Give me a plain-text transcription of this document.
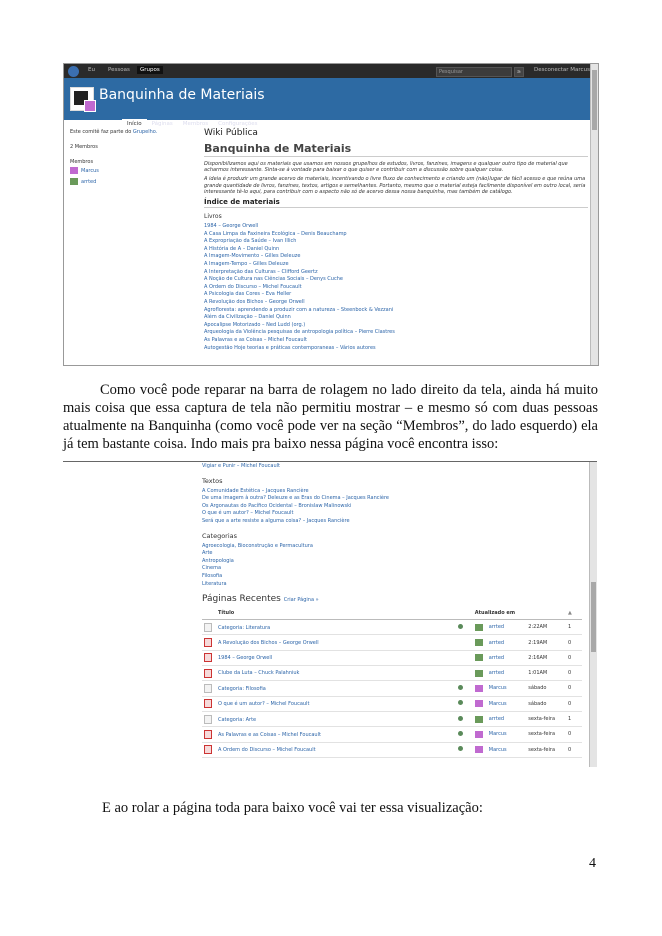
Eu Pessoas	Grupos	Pesquisar	≥	Desconectar Marcus
Banquinha de Materiais
Início Páginas Membros Configurações
Este comitê faz parte do Grupelho.
2 Membros
Membros
Marcus
arrted
Wiki Pública
Banquinha de Materiais
Disponibilizamos aqui os materiais que usamos em nossos grupelhos de estudos, livros, fanzines, imagens e qualquer outro tipo de material que acharmos interessante. Sinta-se à vontade para baixar o que quiser e contribuir com a discussão sobre qualquer coisa.
A ideia é produzir um grande acervo de materiais, incentivando o livre fluxo de conhecimento e criando um (não)lugar de fácil acesso e que reúna uma grande quantidade de livros, fanzines, textos, artigos e semelhantes. Portanto, mesmo que o material esteja facilmente disponível em outro local, seria interessante tê-lo aqui, para contribuir com o aspecto não só de acervo dessa nossa banquinha, mas também de catálogo.
Índice de materiais
Livros
1984 – George Orwell
A Casa Limpa da Faxineira Ecológica – Denis Beauchamp
A Expropriação da Saúde – Ivan Illich
A História de A – Daniel Quinn
A Imagem-Movimento – Gilles Deleuze
A Imagem-Tempo – Gilles Deleuze
A Interpretação das Culturas – Clifford Geertz
A Noção de Cultura nas Ciências Sociais – Denys Cuche
A Ordem do Discurso – Michel Foucault
A Psicologia das Cores – Eva Heller
A Revolução dos Bichos – George Orwell
Agrofloresta: aprendendo a produzir com a natureza – Steenbock & Vezzani
Além da Civilização – Daniel Quinn
Apocalipse Motorizado – Ned Ludd (org.)
Arqueologia da Violência pesquisas de antropologia política – Pierre Clastres
As Palavras e as Coisas – Michel Foucault
Autogestão Hoje teorias e práticas contemporaneas – Vários autores

Como você pode reparar na barra de rolagem no lado direito da tela, ainda há muito mais coisa que essa captura de tela não permitiu mostrar – e mesmo só com duas pessoas atualmente na Banquinha (como você pode ver na seção “Membros”, do lado esquerdo) ela já tem bastante coisa. Indo mais pra baixo nessa página você encontra isso:

Vigiar e Punir – Michel Foucault
Textos
A Comunidade Estética – Jacques Rancière
De uma imagem à outra? Deleuze e as Eras do Cinema – Jacques Rancière
Os Argonautas do Pacífico Ocidental – Bronislaw Malinowski
O que é um autor? – Michel Foucault
Será que a arte resiste a alguma coisa? – Jacques Rancière
Categorias
Agroecologia, Bioconstrução e Permacultura
Arte
Antropologia
Cinema
Filosofia
Literatura
Páginas Recentes Criar Página »
	Título	Atualizado em			▲
	Categoria: Literatura		arrted	2:22AM	1
	A Revolução dos Bichos – George Orwell		arrted	2:19AM	0
	1984 – George Orwell		arrted	2:16AM	0
	Clube da Luta – Chuck Palahniuk		arrted	1:01AM	0
	Categoria: Filosofia		Marcus	sábado	0
	O que é um autor? – Michel Foucault		Marcus	sábado	0
	Categoria: Arte		arrted	sexta-feira	1
	As Palavras e as Coisas – Michel Foucault		Marcus	sexta-feira	0
	A Ordem do Discurso – Michel Foucault		Marcus	sexta-feira	0

E ao rolar a página toda para baixo você vai ter essa visualização:

4
